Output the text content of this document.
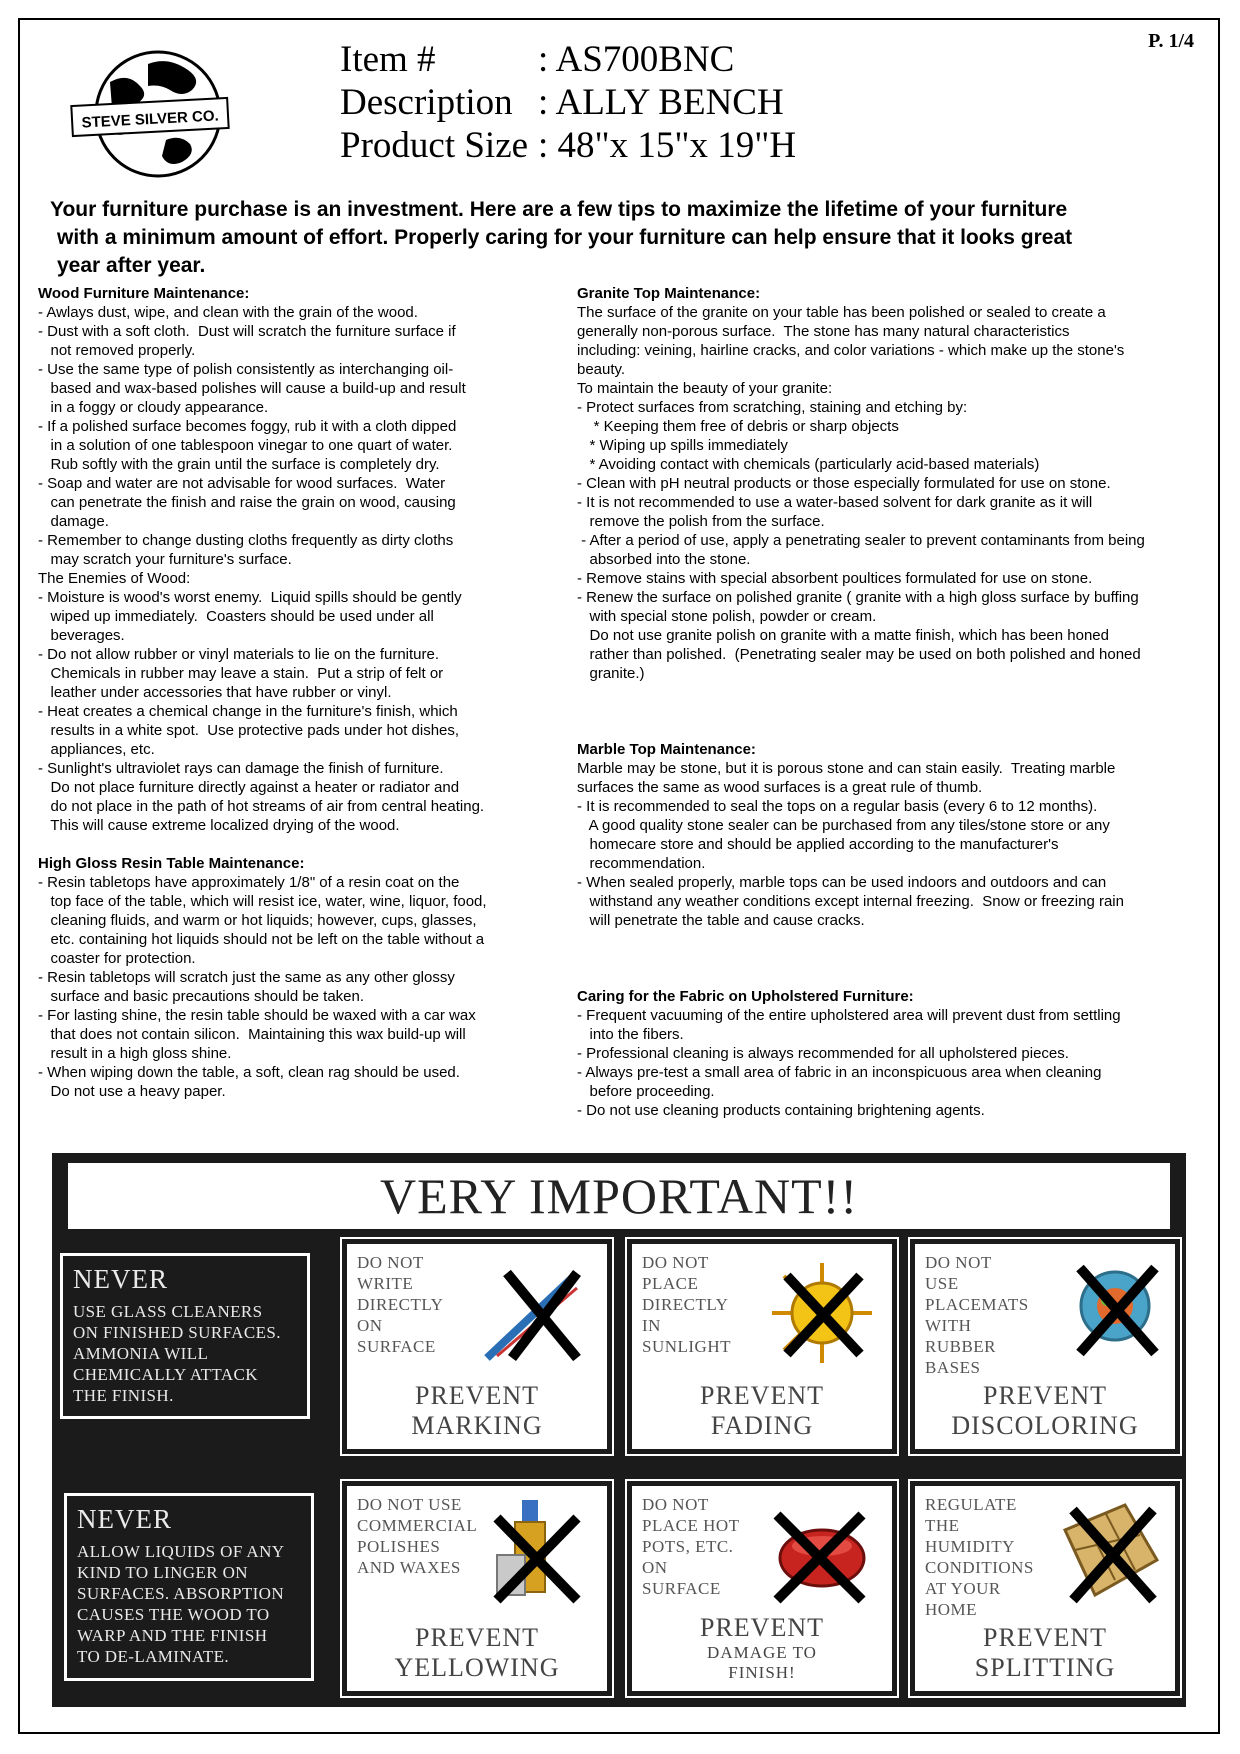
P. 1/4
STEVE SILVER CO.
Item #	: AS700BNC
Description : ALLY BENCH
Product Size : 48"x 15"x 19"H
Your furniture purchase is an investment. Here are a few tips to maximize the lifetime of your furniture
with a minimum amount of effort. Properly caring for your furniture can help ensure that it looks great
year after year.
Wood Furniture Maintenance:
- Awlays dust, wipe, and clean with the grain of the wood.
- Dust with a soft cloth.  Dust will scratch the furniture surface if
not removed properly.
- Use the same type of polish consistently as interchanging oil-
based and wax-based polishes will cause a build-up and result
in a foggy or cloudy appearance.
- If a polished surface becomes foggy, rub it with a cloth dipped
in a solution of one tablespoon vinegar to one quart of water.
Rub softly with the grain until the surface is completely dry.
- Soap and water are not advisable for wood surfaces.  Water
can penetrate the finish and raise the grain on wood, causing
damage.
- Remember to change dusting cloths frequently as dirty cloths
may scratch your furniture's surface.
The Enemies of Wood:
- Moisture is wood's worst enemy.  Liquid spills should be gently
wiped up immediately.  Coasters should be used under all
beverages.
- Do not allow rubber or vinyl materials to lie on the furniture.
Chemicals in rubber may leave a stain.  Put a strip of felt or
leather under accessories that have rubber or vinyl.
- Heat creates a chemical change in the furniture's finish, which
results in a white spot.  Use protective pads under hot dishes,
appliances, etc.
- Sunlight's ultraviolet rays can damage the finish of furniture.
Do not place furniture directly against a heater or radiator and
do not place in the path of hot streams of air from central heating.
This will cause extreme localized drying of the wood.
High Gloss Resin Table Maintenance:
- Resin tabletops have approximately 1/8" of a resin coat on the
top face of the table, which will resist ice, water, wine, liquor, food,
cleaning fluids, and warm or hot liquids; however, cups, glasses,
etc. containing hot liquids should not be left on the table without a
coaster for protection.
- Resin tabletops will scratch just the same as any other glossy
surface and basic precautions should be taken.
- For lasting shine, the resin table should be waxed with a car wax
that does not contain silicon.  Maintaining this wax build-up will
result in a high gloss shine.
- When wiping down the table, a soft, clean rag should be used.
Do not use a heavy paper.
Granite Top Maintenance:
The surface of the granite on your table has been polished or sealed to create a
generally non-porous surface.  The stone has many natural characteristics
including: veining, hairline cracks, and color variations - which make up the stone's
beauty.
To maintain the beauty of your granite:
- Protect surfaces from scratching, staining and etching by:
* Keeping them free of debris or sharp objects
* Wiping up spills immediately
* Avoiding contact with chemicals (particularly acid-based materials)
- Clean with pH neutral products or those especially formulated for use on stone.
- It is not recommended to use a water-based solvent for dark granite as it will
remove the polish from the surface.
- After a period of use, apply a penetrating sealer to prevent contaminants from being
absorbed into the stone.
- Remove stains with special absorbent poultices formulated for use on stone.
- Renew the surface on polished granite ( granite with a high gloss surface by buffing
with special stone polish, powder or cream.
Do not use granite polish on granite with a matte finish, which has been honed
rather than polished.  (Penetrating sealer may be used on both polished and honed
granite.)
Marble Top Maintenance:
Marble may be stone, but it is porous stone and can stain easily.  Treating marble
surfaces the same as wood surfaces is a great rule of thumb.
- It is recommended to seal the tops on a regular basis (every 6 to 12 months).
A good quality stone sealer can be purchased from any tiles/stone store or any
homecare store and should be applied according to the manufacturer's
recommendation.
- When sealed properly, marble tops can be used indoors and outdoors and can
withstand any weather conditions except internal freezing.  Snow or freezing rain
will penetrate the table and cause cracks.
Caring for the Fabric on Upholstered Furniture:
- Frequent vacuuming of the entire upholstered area will prevent dust from settling
into the fibers.
- Professional cleaning is always recommended for all upholstered pieces.
- Always pre-test a small area of fabric in an inconspicuous area when cleaning
before proceeding.
- Do not use cleaning products containing brightening agents.
VERY IMPORTANT!!
NEVER
USE GLASS CLEANERS
ON FINISHED SURFACES.
AMMONIA WILL
CHEMICALLY ATTACK
THE FINISH.
NEVER
ALLOW LIQUIDS OF ANY
KIND TO LINGER ON
SURFACES. ABSORPTION
CAUSES THE WOOD TO
WARP AND THE FINISH
TO DE-LAMINATE.
DO NOT
WRITE
DIRECTLY
ON
SURFACE
PREVENT
MARKING
DO NOT
PLACE
DIRECTLY
IN
SUNLIGHT
PREVENT
FADING
DO NOT
USE
PLACEMATS
WITH
RUBBER
BASES
PREVENT
DISCOLORING
DO NOT USE
COMMERCIAL
POLISHES
AND WAXES
PREVENT
YELLOWING
DO NOT
PLACE HOT
POTS, ETC.
ON
SURFACE
PREVENT
DAMAGE TO
FINISH!
REGULATE
THE
HUMIDITY
CONDITIONS
AT YOUR
HOME
PREVENT
SPLITTING
